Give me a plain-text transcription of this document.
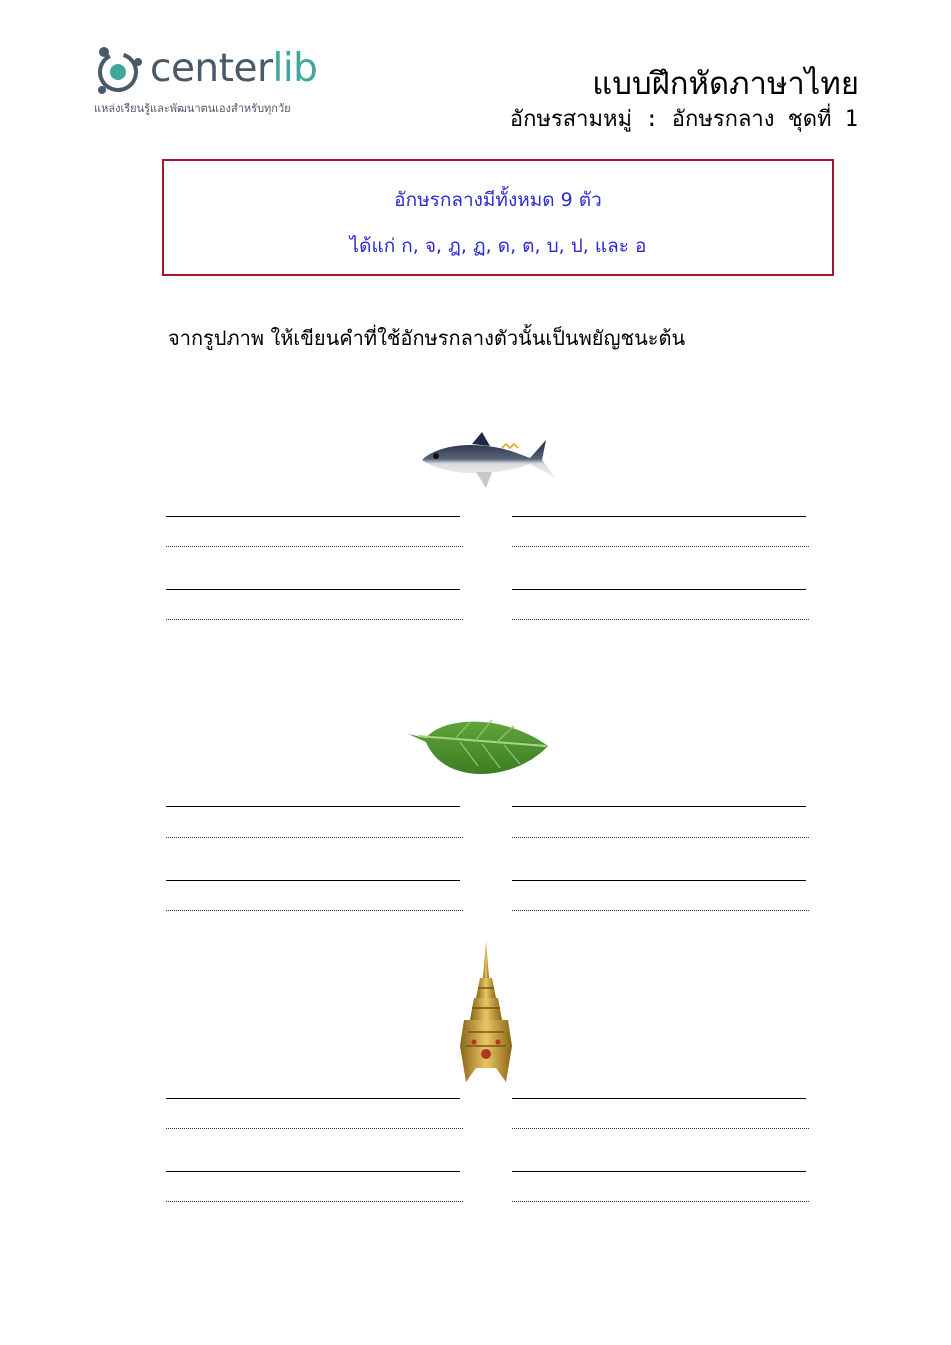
centerlib
แหล่งเรียนรู้และพัฒนาตนเองสำหรับทุกวัย
แบบฝึกหัดภาษาไทย
อักษรสามหมู่ : อักษรกลาง ชุดที่ 1
อักษรกลางมีทั้งหมด 9 ตัว
ได้แก่ ก, จ, ฎ, ฏ, ด, ต, บ, ป, และ อ
จากรูปภาพ ให้เขียนคำที่ใช้อักษรกลางตัวนั้นเป็นพยัญชนะต้น
